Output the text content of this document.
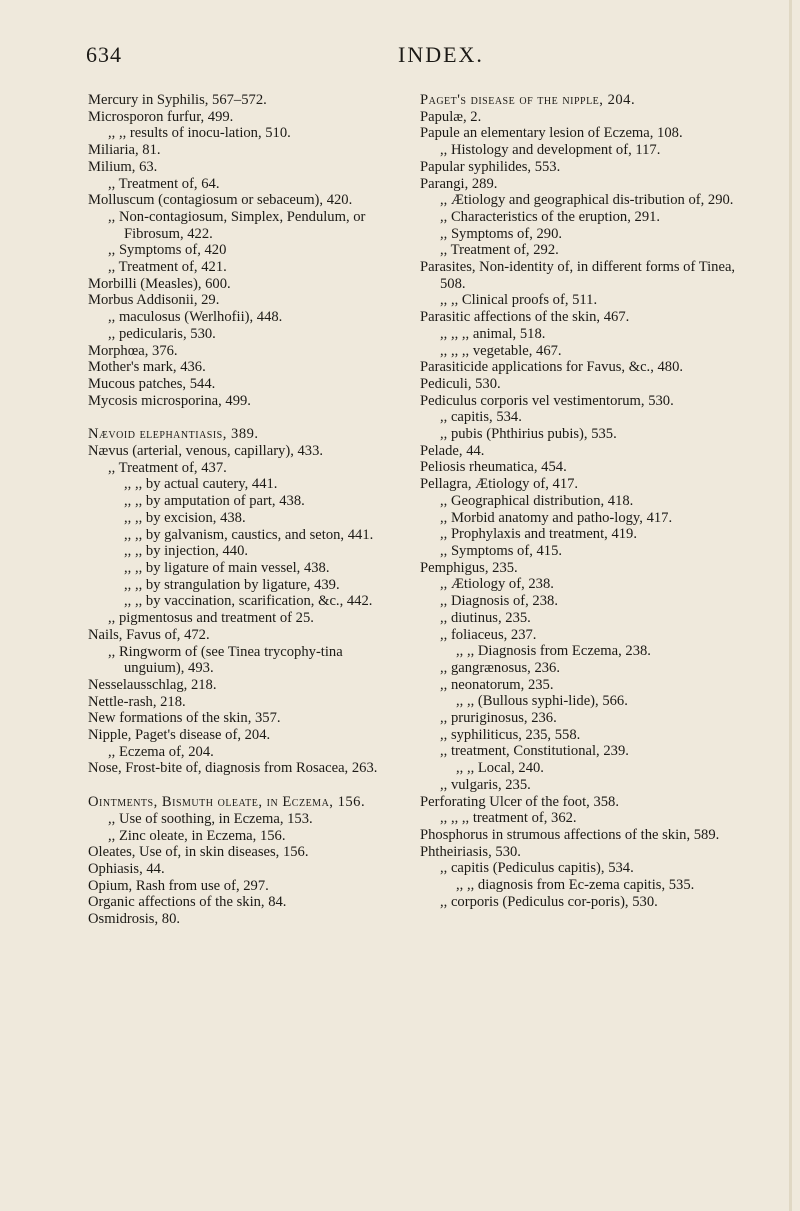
634	INDEX.
Mercury in Syphilis, 567–572.
Microsporon furfur, 499.
,, ,, results of inocu-lation, 510.
Miliaria, 81.
Milium, 63.
,, Treatment of, 64.
Molluscum (contagiosum or sebaceum), 420.
,, Non-contagiosum, Simplex, Pendulum, or Fibrosum, 422.
,, Symptoms of, 420
,, Treatment of, 421.
Morbilli (Measles), 600.
Morbus Addisonii, 29.
,, maculosus (Werlhofii), 448.
,, pedicularis, 530.
Morphœa, 376.
Mother's mark, 436.
Mucous patches, 544.
Mycosis microsporina, 499.
Nævoid elephantiasis, 389.
Nævus (arterial, venous, capillary), 433.
,, Treatment of, 437.
,, ,, by actual cautery, 441.
,, ,, by amputation of part, 438.
,, ,, by excision, 438.
,, ,, by galvanism, caustics, and seton, 441.
,, ,, by injection, 440.
,, ,, by ligature of main vessel, 438.
,, ,, by strangulation by ligature, 439.
,, ,, by vaccination, scarification, &c., 442.
,, pigmentosus and treatment of 25.
Nails, Favus of, 472.
,, Ringworm of (see Tinea trycophy-tina unguium), 493.
Nesselausschlag, 218.
Nettle-rash, 218.
New formations of the skin, 357.
Nipple, Paget's disease of, 204.
,, Eczema of, 204.
Nose, Frost-bite of, diagnosis from Rosacea, 263.
Ointments, Bismuth oleate, in Eczema, 156.
,, Use of soothing, in Eczema, 153.
,, Zinc oleate, in Eczema, 156.
Oleates, Use of, in skin diseases, 156.
Ophiasis, 44.
Opium, Rash from use of, 297.
Organic affections of the skin, 84.
Osmidrosis, 80.
Paget's disease of the nipple, 204.
Papulæ, 2.
Papule an elementary lesion of Eczema, 108.
,, Histology and development of, 117.
Papular syphilides, 553.
Parangi, 289.
,, Ætiology and geographical dis-tribution of, 290.
,, Characteristics of the eruption, 291.
,, Symptoms of, 290.
,, Treatment of, 292.
Parasites, Non-identity of, in different forms of Tinea, 508.
,, ,, Clinical proofs of, 511.
Parasitic affections of the skin, 467.
,, ,, ,, animal, 518.
,, ,, ,, vegetable, 467.
Parasiticide applications for Favus, &c., 480.
Pediculi, 530.
Pediculus corporis vel vestimentorum, 530.
,, capitis, 534.
,, pubis (Phthirius pubis), 535.
Pelade, 44.
Peliosis rheumatica, 454.
Pellagra, Ætiology of, 417.
,, Geographical distribution, 418.
,, Morbid anatomy and patho-logy, 417.
,, Prophylaxis and treatment, 419.
,, Symptoms of, 415.
Pemphigus, 235.
,, Ætiology of, 238.
,, Diagnosis of, 238.
,, diutinus, 235.
,, foliaceus, 237.
,, ,, Diagnosis from Eczema, 238.
,, gangrænosus, 236.
,, neonatorum, 235.
,, ,, (Bullous syphi-lide), 566.
,, pruriginosus, 236.
,, syphiliticus, 235, 558.
,, treatment, Constitutional, 239.
,, ,, Local, 240.
,, vulgaris, 235.
Perforating Ulcer of the foot, 358.
,, ,, ,, treatment of, 362.
Phosphorus in strumous affections of the skin, 589.
Phtheiriasis, 530.
,, capitis (Pediculus capitis), 534.
,, ,, diagnosis from Ec-zema capitis, 535.
,, corporis (Pediculus cor-poris), 530.
